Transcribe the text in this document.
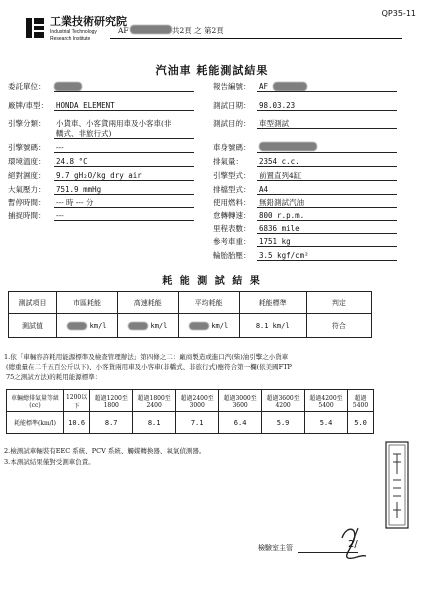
QP35-11
工業技術研究院
Industrial Technology
Research Institute
AF	共2頁 之 第2頁
汽油車 耗能測試結果
委託單位：
廠牌/車型： HONDA ELEMENT
引擎分類： 小貨車、小客貨兩用車及小客車(非
轎式、非旅行式)
引擎號碼： ---
環境溫度： 24.8 °C
絕對濕度： 9.7 gH₂O/kg dry air
大氣壓力： 751.9 mmHg
暫停時間： --- 時 --- 分
捕捉時間： ---
報告編號： AF
測試日期： 98.03.23
測試目的： 車型測試
車身號碼：
排氣量： 2354 c.c.
引擎型式： 前置直列4缸
排檔型式： A4
使用燃料： 無鉛測試汽油
怠轉轉速： 800 r.p.m.
里程表數： 6836 mile
參考車重： 1751 kg
輪胎胎壓： 3.5 kgf/cm²
耗 能 測 試 結 果
測試項目	市區耗能	高速耗能	平均耗能	耗能標準	判定
測試值	km/l	km/l	km/l	8.1 km/l	符合
1.依「車輛容許耗用能源標準及檢查管理辦法」第四條之二：廠商製造或進口汽(柴)油引擎之小貨車
(總重量在二千五百公斤以下)、小客貨兩用車及小客車(非轎式、非旅行式)應符合第一欄(依美國FTP
75之測試方法)的耗用能源標準：
車輛總排氣量等級(cc)	1200以下	超過1200至1800	超過1800至2400	超過2400至3000	超過3000至3600	超過3600至4200	超過4200至5400	超過5400
耗能標準(km/l)	10.6	8.7	8.1	7.1	6.4	5.9	5.4	5.0
2.檢測試車輛裝有EEC 系統、PCV 系統、觸媒轉換器、氧氣偵測器。
3.本測試結果僅對受測車負責。
檢驗室主管	2/
